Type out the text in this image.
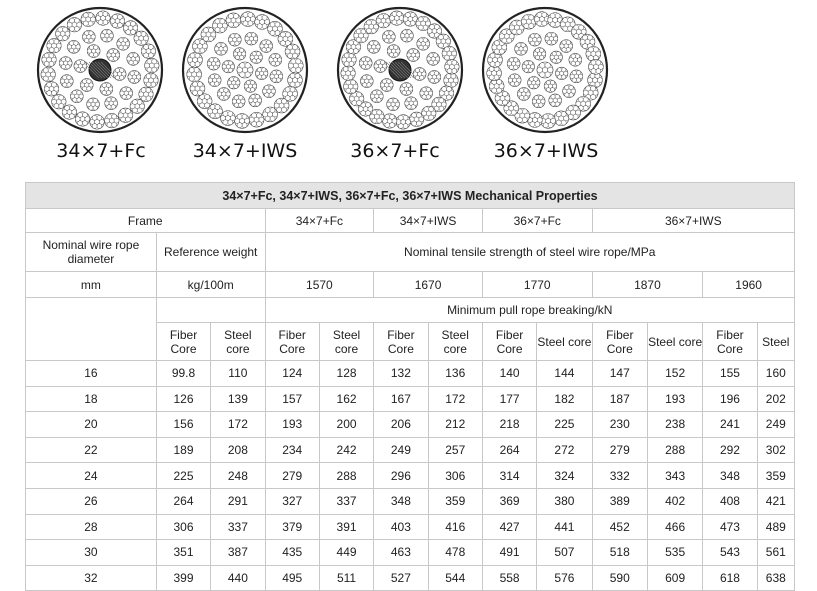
34×7+Fc	34×7+IWS	36×7+Fc	36×7+IWS
34×7+Fc, 34×7+IWS, 36×7+Fc, 36×7+IWS Mechanical Properties												
Frame			34×7+Fc		34×7+IWS		36×7+Fc		36×7+IWS			
Nominal wire rope diameter	Reference weight		Nominal tensile strength of steel wire rope/MPa									
mm	kg/100m		1570		1670		1770		1870		1960	
			Minimum pull rope breaking/kN									
	Fiber Core	Steel core	Fiber Core	Steel core	Fiber Core	Steel core	Fiber Core	Steel core	Fiber Core	Steel core	Fiber Core	Steel
16	99.8	110	124	128	132	136	140	144	147	152	155	160
18	126	139	157	162	167	172	177	182	187	193	196	202
20	156	172	193	200	206	212	218	225	230	238	241	249
22	189	208	234	242	249	257	264	272	279	288	292	302
24	225	248	279	288	296	306	314	324	332	343	348	359
26	264	291	327	337	348	359	369	380	389	402	408	421
28	306	337	379	391	403	416	427	441	452	466	473	489
30	351	387	435	449	463	478	491	507	518	535	543	561
32	399	440	495	511	527	544	558	576	590	609	618	638
